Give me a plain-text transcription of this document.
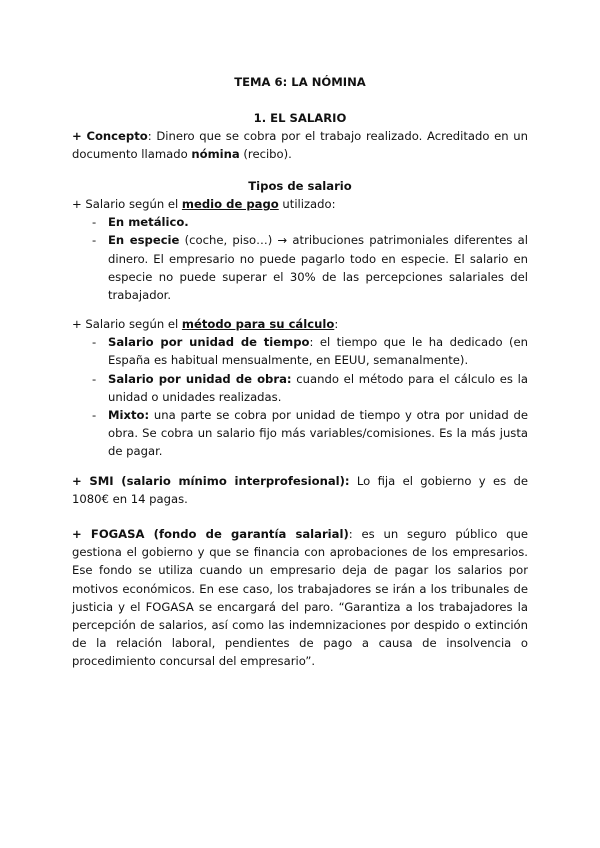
TEMA 6: LA NÓMINA

1. EL SALARIO

+ Concepto: Dinero que se cobra por el trabajo realizado. Acreditado en un documento llamado nómina (recibo).

Tipos de salario

+ Salario según el medio de pago utilizado:

- En metálico.
- En especie (coche, piso…) → atribuciones patrimoniales diferentes al dinero. El empresario no puede pagarlo todo en especie. El salario en especie no puede superar el 30% de las percepciones salariales del trabajador.

+ Salario según el método para su cálculo:

- Salario por unidad de tiempo: el tiempo que le ha dedicado (en España es habitual mensualmente, en EEUU, semanalmente).
- Salario por unidad de obra: cuando el método para el cálculo es la unidad o unidades realizadas.
- Mixto: una parte se cobra por unidad de tiempo y otra por unidad de obra. Se cobra un salario fijo más variables/comisiones. Es la más justa de pagar.

+ SMI (salario mínimo interprofesional): Lo fija el gobierno y es de 1080€ en 14 pagas.

+ FOGASA (fondo de garantía salarial): es un seguro público que gestiona el gobierno y que se financia con aprobaciones de los empresarios. Ese fondo se utiliza cuando un empresario deja de pagar los salarios por motivos económicos. En ese caso, los trabajadores se irán a los tribunales de justicia y el FOGASA se encargará del paro. “Garantiza a los trabajadores la percepción de salarios, así como las indemnizaciones por despido o extinción de la relación laboral, pendientes de pago a causa de insolvencia o procedimiento concursal del empresario”.
